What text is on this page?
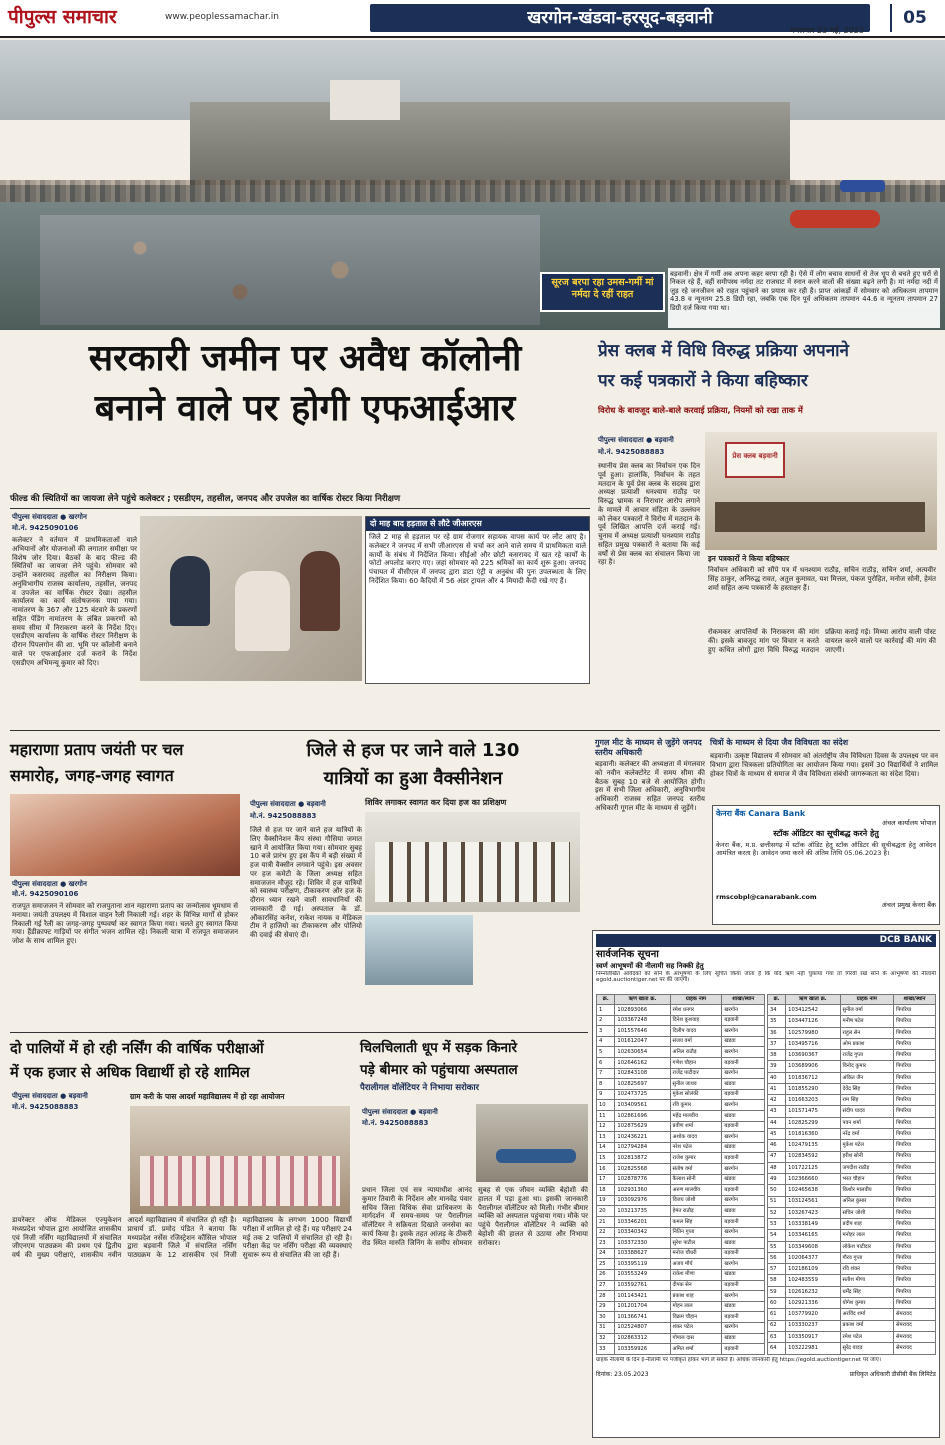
पीपुल्स समाचार	www.peoplessamachar.in	खरगोन-खंडवा-हरसूद-बड़वानी
मंगलवार 23 मई, 2023
05
सूरज बरपा रहा उमस-गर्मी मां नर्मदा दे रहीं राहत
बड़वानी। क्षेत्र में गर्मी अब अपना कहर बरपा रही है। ऐसे में लोग बचाव साधनों से तेज धूप से बचते हुए घरों से निकल रहे हैं, वहीं समीपस्थ नर्मदा तट राजघाट में स्नान करने वालों की संख्या बढ़ने लगी है। मां नर्मदा नदी में जुड़ रहे जनजीवन को राहत पहुंचाने का प्रयास कर रही है। प्राप्त आंकड़ों में सोमवार को अधिकतम तापमान 43.8 व न्यूनतम 25.8 डिग्री रहा, जबकि एक दिन पूर्व अधिकतम तापमान 44.6 व न्यूनतम तापमान 27 डिग्री दर्ज किया गया था।
सरकारी जमीन पर अवैध कॉलोनी
बनाने वाले पर होगी एफआईआर
फील्ड की स्थितियों का जायजा लेने पहुंचे कलेक्टर ; एसडीएम, तहसील, जनपद और उपजेल का वार्षिक रोस्टर किया निरीक्षण
पीपुल्स संवाददाता ● खरगोन
मो.नं. 9425090106
कलेक्टर ने वर्तमान में प्राथमिकताओं वाले अभियानों और योजनाओं की लगातार समीक्षा पर विशेष जोर दिया। बैठकों के बाद फील्ड की स्थितियों का जायजा लेने पहुंचे। सोमवार को उन्होंने कसरावद तहसील का निरीक्षण किया। अनुविभागीय राजस्व कार्यालय, तहसील, जनपद व उपजेल का वार्षिक रोस्टर देखा। तहसील कार्यालय का कार्य संतोषजनक पाया गया। नामांतरण के 367 और 125 बंटवारे के प्रकरणों सहित पेंडिंग नामांतरण के लंबित प्रकरणों को समय सीमा में निराकरण करने के निर्देश दिए। एसडीएम कार्यालय के वार्षिक रोस्टर निरीक्षण के दौरान पिपलगोन की शा. भूमि पर कॉलोनी बनाने वाले पर एफआईआर दर्ज कराने के निर्देश एसडीएम अभिमन्यू कुमार को दिए।
दो माह बाद हड़ताल से लौटे जीआरएस
जिले 2 माह से हड़ताल पर रहे ग्राम रोजगार सहायक वापस कार्य पर लौट आए है। कलेक्टर ने जनपद में सभी जीआरएस से चर्चा कर आने वाले समय में प्राथमिकता वाले कार्यों के संबंध में निर्देशित किया। सीईओ और छोटी कसरावद में खत रहे कार्यों के फोटो अपलोड कराए गए। जहां सोमवार को 225 श्रमिकों का कार्य शुरू हुआ। जनपद पंचायत में वीसीएल में जनपद द्वारा डाटा एंट्री व अनुबंध की पुनः उपलब्धता के लिए निर्देशित किया। 60 कैदियों में 56 अंडर ट्रायल और 4 मियादी कैदी रखे गए हैं।
प्रेस क्लब में विधि विरुद्ध प्रक्रिया अपनाने
पर कई पत्रकारों ने किया बहिष्कार
विरोध के बावजूद बाले-बाले करवाई प्रक्रिया, नियमों को रखा ताक में
पीपुल्स संवाददाता ● बड़वानी
मो.नं. 9425088883	प्रेस क्लब बड़वानी
इन पत्रकारों ने किया बहिष्कार
निर्वाचन अधिकारी को सौंपे पत्र में धनश्याम राठौड़, सचिन राठौड़, सचिन शर्मा, अत्यवीर सिंह ठाकुर, अनिरुद्ध रावत, अतुल कुमावत, यश मित्तल, पंकज पुरोहित, मनोज सोनी, हेमंत शर्मा सहित अन्य पत्रकारों के हस्ताक्षर हैं।
स्थानीय प्रेस क्लब का निर्वाचन एक दिन पूर्व हुआ। हालांकि, निर्वाचन के तहत मतदान के पूर्व प्रेस क्लब के सदस्य द्वारा अध्यक्ष प्रत्याशी धनश्याम राठौड़ पर विरुद्ध भ्रामक व निराधार आरोप लगाने के मामले में आचार संहिता के उल्लंघन को लेकर पत्रकारों ने विरोध में मतदान के पूर्व लिखित आपत्ति दर्ज कराई गई। चुनाव में अध्यक्ष प्रत्याशी घनश्याम राठौड़ सहित प्रमुख पत्रकारों ने बताया कि कई वर्षों से प्रेस क्लब का संचालन किया जा रहा है।
रोकमकर आपत्तियों के निराकरण की मांग की। इसके बावजूद मांग पर विचार न करते हुए कथित लोगों द्वारा विधि विरुद्ध मतदान प्रक्रिया कराई गई। मिथ्या आरोप वाली पोस्ट वायरल करने वालों पर कार्रवाई की मांग की जाएगी।
महाराणा प्रताप जयंती पर चल
समारोह, जगह-जगह स्वागत
पीपुल्स संवाददाता ● खरगोन
मो.नं. 9425090106
राजपूत समाजजन ने सोमवार को राजपुताना शान महाराणा प्रताप का जन्मोत्सव धूमधाम से मनाया। जयंती उपलक्ष्य में विशाल वाहन रैली निकाली गई। शहर के विभिन्न मार्गों से होकर निकाली गई रैली का जगह-जगह पुष्पवर्षा कर स्वागत किया गया। चलते हुए स्वागत किया गया। हैंडीक्राफ्ट गाड़ियों पर संगीत भजन शामिल रहे। निकली यात्रा में राजपूत समाजजन जोश के साथ शामिल हुए।
जिले से हज पर जाने वाले 130
यात्रियों का हुआ वैक्सीनेशन
शिविर लगाकर स्वागत कर दिया हज का प्रशिक्षण
पीपुल्स संवाददाता ● बड़वानी
मो.नं. 9425088883
जिले से हज पर जाने वाले हज यात्रियों के लिए वैक्सीनेशन कैंप संस्था गौसिया जमात खाने में आयोजित किया गया। सोमवार सुबह 10 बजे प्रारंभ हुए इस कैंप में बड़ी संख्या में हज यात्री वैक्सीन लगवाने पहुंचे। इस अवसर पर हज कमेटी के जिला अध्यक्ष सहित समाजजन मौजूद रहे। शिविर में हज यात्रियों को स्वास्थ्य परीक्षण, टीकाकरण और हज के दौरान ध्यान रखने वाली सावधानियों की जानकारी दी गई। अस्पताल के डॉ. औंकारसिंह कनेश, राकेश नायक व मेडिकल टीम ने हाजियों का टीकाकरण और पोलियो की दवाई की सेवाएं दी।
गुगल मीट के माध्यम से जुड़ेंगे जनपद स्तरीय अधिकारी
बड़वानी। कलेक्टर की अध्यक्षता में मंगलवार को नवीन कलेक्टोरेट में समय सीमा की बैठक सुबह 10 बजे से आयोजित होगी। इस में सभी जिला अधिकारी, अनुविभागीय अधिकारी राजस्व सहित जनपद स्तरीय अधिकारी गूगल मीट के माध्यम से जुड़ेंगे।
चित्रों के माध्यम से दिया जैव विविधता का संदेश
बड़वानी। उत्कृष्ट विद्यालय में सोमवार को अंतर्राष्ट्रीय जैव विविधता दिवस के उपलक्ष्य पर वन विभाग द्वारा चित्रकला प्रतियोगिता का आयोजन किया गया। इसमें 30 विद्यार्थियों ने शामिल होकर चित्रों के माध्यम से समाज में जैव विविधता संबंधी जागरूकता का संदेश दिया।
केनरा बैंक Canara Bank
अंचल कार्यालय भोपाल
स्टॉक ऑडिटर का सूचीबद्ध करने हेतु
केनरा बैंक, म.प्र. छत्तीसगढ़ में स्टॉक ऑडिट हेतु स्टॉक ऑडिटर की सूचीबद्धता हेतु आवेदन आमंत्रित करता है। आवेदन जमा करने की अंतिम तिथि 05.06.2023 है।
rmscobpl@canarabank.com
अंचल प्रमुख केनरा बैंक
DCB BANK
सार्वजनिक सूचना
स्वर्ण आभूषणों की नीलामी सह निक्की हेतु
निम्नलिखित आवेदकों को सोने के आभूषणों के लिए सूचित किया जाता है कि यदि ऋण नहीं चुकाया गया तो गिरवी रखे सोने के आभूषणों की नीलामी egold.auctiontiger.net पर की जाएगी।
क्र.	ऋण खाता क्र.	ग्राहक नाम	शाखा/स्थान
1	102893066	रमेश धनगर	खरगोन
2	103367248	दिनेश कुशवाह	बड़वानी
3	101557646	दिलीप यादव	खरगोन
4	101612047	संजय वर्मा	खंडवा
5	102630654	अनिल राठौड़	खरगोन
6	102646162	गणेश चौहान	बड़वानी
7	102843108	राजेंद्र पाटीदार	खरगोन
8	102825697	सुनील जाधव	खंडवा
9	102473725	मुकेश सोलंकी	बड़वानी
10	103409561	रवि कुमार	खरगोन
11	102861696	महेंद्र मालवीय	खंडवा
12	102875629	प्रवीण शर्मा	बड़वानी
13	102436221	अशोक यादव	खरगोन
14	102794284	नरेश पटेल	खंडवा
15	102813872	राजेश कुमार	बड़वानी
16	102825568	संतोष वर्मा	खरगोन
17	102878776	कैलाश सोनी	खंडवा
18	102931360	अरुण मालवीय	बड़वानी
19	103092976	विजय जोशी	खरगोन
20	103213735	हेमंत राठौड़	खंडवा
21	103346201	कमल सिंह	बड़वानी
22	103340342	नितिन गुप्ता	खरगोन
23	103372330	सुरेश पाटील	खंडवा
24	103388627	मनोज चौधरी	बड़वानी
25	103395119	अजय मौर्य	खरगोन
26	103553249	राकेश मीणा	खंडवा
27	103592761	दीपक सेन	बड़वानी
28	101143421	प्रकाश शाह	खरगोन
29	101201704	मोहन लाल	खंडवा
30	101366741	विक्रम चौहान	बड़वानी
31	102524807	शंकर पटेल	खरगोन
32	102863312	गोपाल दास	खंडवा
33	103359926	अमित शर्मा	बड़वानी
क्र.	ऋण खाता क्र.	ग्राहक नाम	शाखा/स्थान
34	103412542	सुनील वर्मा	पिपरिया
35	103447126	मनीष पटेल	पिपरिया
36	102579980	राहुल सेन	पिपरिया
37	103495716	ओम प्रकाश	पिपरिया
38	103690367	राजेंद्र गुप्ता	पिपरिया
39	103689906	विनोद कुमार	पिपरिया
40	101836712	अंकित जैन	पिपरिया
41	101855290	देवेंद्र सिंह	पिपरिया
42	101663203	राम सिंह	पिपरिया
43	101571475	संदीप यादव	पिपरिया
44	102825299	पवन शर्मा	पिपरिया
45	101816360	नरेंद्र वर्मा	पिपरिया
46	102479135	मुकेश पटेल	पिपरिया
47	102834592	हरीश सोनी	पिपरिया
48	101722125	जगदीश राठौड़	पिपरिया
49	102366660	भरत चौहान	पिपरिया
50	102465638	किशोर मालवीय	पिपरिया
51	103124561	अनिल कुमार	पिपरिया
52	103267423	सचिन जोशी	पिपरिया
53	103338149	प्रदीप शाह	पिपरिया
54	103346165	मनोहर लाल	पिपरिया
55	103349608	लोकेश पाटीदार	पिपरिया
56	102064377	गौरव गुप्ता	पिपरिया
57	102186109	रवि शंकर	पिपरिया
58	102483559	सतीश मीणा	पिपरिया
59	102616232	धर्मेंद्र सिंह	पिपरिया
60	102921336	योगेश कुमार	पिपरिया
61	103779920	अरविंद शर्मा	सेमरावद
62	103330237	प्रकाश वर्मा	सेमरावद
63	103350917	रमेश पटेल	सेमरावद
64	103222981	सुरेंद्र यादव	सेमरावद
ग्राहक नीलामी के दिन ई-नीलामी पर पंजीकृत होकर भाग ले सकते हैं। अधिक जानकारी हेतु https://egold.auctiontiger.net पर जाएं।
दिनांक: 23.05.2023	प्राधिकृत अधिकारी डीसीबी बैंक लिमिटेड
दो पालियों में हो रही नर्सिंग की वार्षिक परीक्षाओं
में एक हजार से अधिक विद्यार्थी हो रहे शामिल
पीपुल्स संवाददाता ● बड़वानी
मो.नं. 9425088883
ग्राम करी के पास आदर्श महाविद्यालय में हो रहा आयोजन
डायरेक्टर ऑफ मेडिकल एज्युकेशन मध्यप्रदेश भोपाल द्वारा आयोजित शासकीय एवं निजी नर्सिंग महाविद्यालयों में संचालित जीएनएम पाठ्यक्रम की प्रथम एवं द्वितीय वर्ष की मुख्य परीक्षाएं, शासकीय नवीन आदर्श महाविद्यालय में संचालित हो रही है। प्राचार्य डॉ. प्रमोद पंडित ने बताया कि मध्यप्रदेश नर्सेस रजिस्ट्रेशन कौंसिल भोपाल द्वारा बड़वानी जिले में संचालित नर्सिंग पाठ्यक्रम के 12 शासकीय एवं निजी महाविद्यालय के लगभग 1000 विद्यार्थी परीक्षा में शामिल हो रहे हैं। यह परीक्षाएं 24 मई तक 2 पालियों में संचालित हो रही है। परीक्षा केंद्र पर नर्सिंग परीक्षा की व्यवस्थाएं सुचारू रूप से संचालित की जा रही हैं।
चिलचिलाती धूप में सड़क किनारे
पड़े बीमार को पहुंचाया अस्पताल
पैरालीगल वॉलेंटियर ने निभाया सरोकार
पीपुल्स संवाददाता ● बड़वानी
मो.नं. 9425088883
प्रधान जिला एवं सत्र न्यायाधीश आनंद कुमार तिवारी के निर्देशन और मानवेंद्र पंवार सचिव जिला विधिक सेवा प्राधिकरण के मार्गदर्शन में समय-समय पर पैरालीगल वॉलेंटियर ने सक्रियता दिखाते जनसेवा का कार्य किया है। इसके तहत आंजड़ के ठीकरी रोड स्थित मारुति जिनिंग के समीप सोमवार सुबह से एक जीवन व्यक्ति बेहोशी की हालत में पड़ा हुआ था। इसकी जानकारी पैरालीगल वॉलेंटियर को मिली। गंभीर बीमार व्यक्ति को अस्पताल पहुंचाया गया। मौके पर पहुंचे पैरालीगल वॉलेंटियर ने व्यक्ति को बेहोशी की हालत से उठाया और निभाया सरोकार।
